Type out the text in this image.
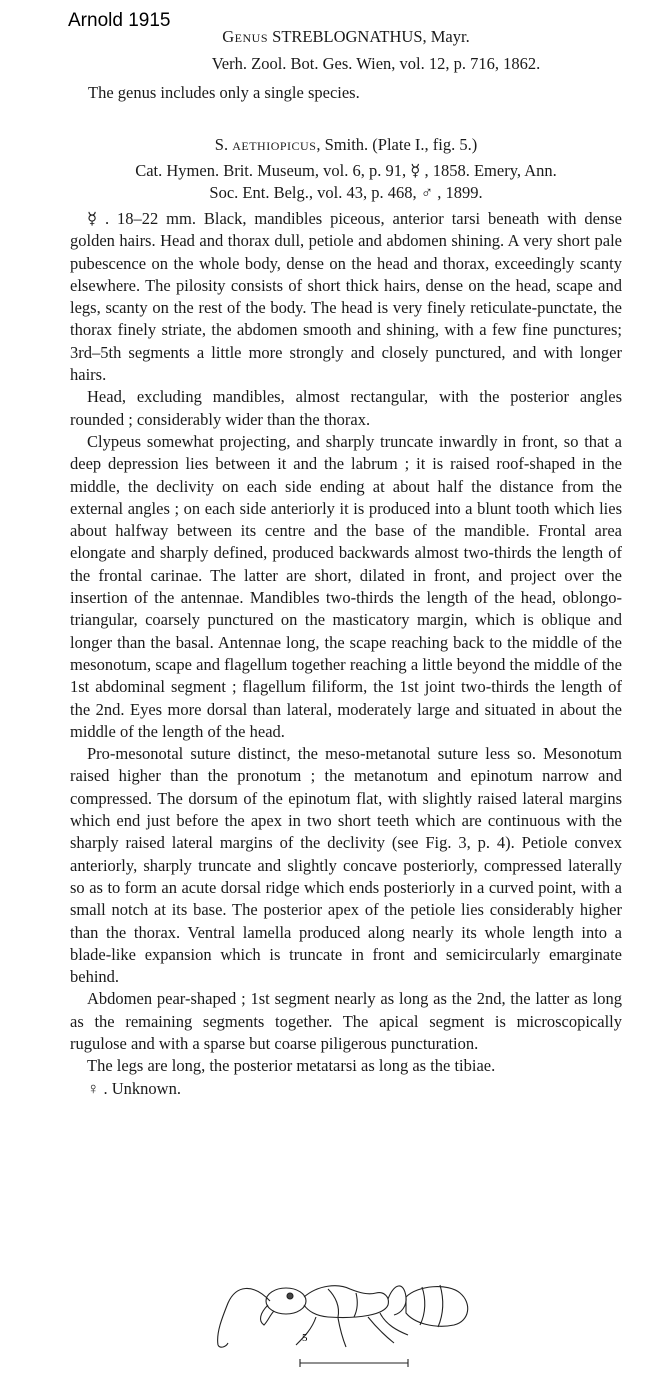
Arnold 1915
Genus STREBLOGNATHUS, Mayr.
Verh. Zool. Bot. Ges. Wien, vol. 12, p. 716, 1862.
The genus includes only a single species.
S. aethiopicus, Smith. (Plate I., fig. 5.)
Cat. Hymen. Brit. Museum, vol. 6, p. 91, ☿ , 1858. Emery, Ann.
Soc. Ent. Belg., vol. 43, p. 468, ♂ , 1899.

☿ . 18–22 mm. Black, mandibles piceous, anterior tarsi beneath with dense golden hairs. Head and thorax dull, petiole and abdomen shining. A very short pale pubescence on the whole body, dense on the head and thorax, exceedingly scanty elsewhere. The pilosity consists of short thick hairs, dense on the head, scape and legs, scanty on the rest of the body. The head is very finely reticulate-punctate, the thorax finely striate, the abdomen smooth and shining, with a few fine punctures; 3rd–5th segments a little more strongly and closely punctured, and with longer hairs.

Head, excluding mandibles, almost rectangular, with the posterior angles rounded ; considerably wider than the thorax.

Clypeus somewhat projecting, and sharply truncate inwardly in front, so that a deep depression lies between it and the labrum ; it is raised roof-shaped in the middle, the declivity on each side ending at about half the distance from the external angles ; on each side anteriorly it is produced into a blunt tooth which lies about halfway between its centre and the base of the mandible. Frontal area elongate and sharply defined, produced backwards almost two-thirds the length of the frontal carinae. The latter are short, dilated in front, and project over the insertion of the antennae. Mandibles two-thirds the length of the head, oblongo-triangular, coarsely punctured on the masticatory margin, which is oblique and longer than the basal. Antennae long, the scape reaching back to the middle of the mesonotum, scape and flagellum together reaching a little beyond the middle of the 1st abdominal segment ; flagellum filiform, the 1st joint two-thirds the length of the 2nd. Eyes more dorsal than lateral, moderately large and situated in about the middle of the length of the head.

Pro-mesonotal suture distinct, the meso-metanotal suture less so. Mesonotum raised higher than the pronotum ; the metanotum and epinotum narrow and compressed. The dorsum of the epinotum flat, with slightly raised lateral margins which end just before the apex in two short teeth which are continuous with the sharply raised lateral margins of the declivity (see Fig. 3, p. 4). Petiole convex anteriorly, sharply truncate and slightly concave posteriorly, compressed laterally so as to form an acute dorsal ridge which ends posteriorly in a curved point, with a small notch at its base. The posterior apex of the petiole lies considerably higher than the thorax. Ventral lamella produced along nearly its whole length into a blade-like expansion which is truncate in front and semicircularly emarginate behind.

Abdomen pear-shaped ; 1st segment nearly as long as the 2nd, the latter as long as the remaining segments together. The apical segment is microscopically rugulose and with a sparse but coarse piligerous puncturation.

The legs are long, the posterior metatarsi as long as the tibiae.

♀ . Unknown.

5
